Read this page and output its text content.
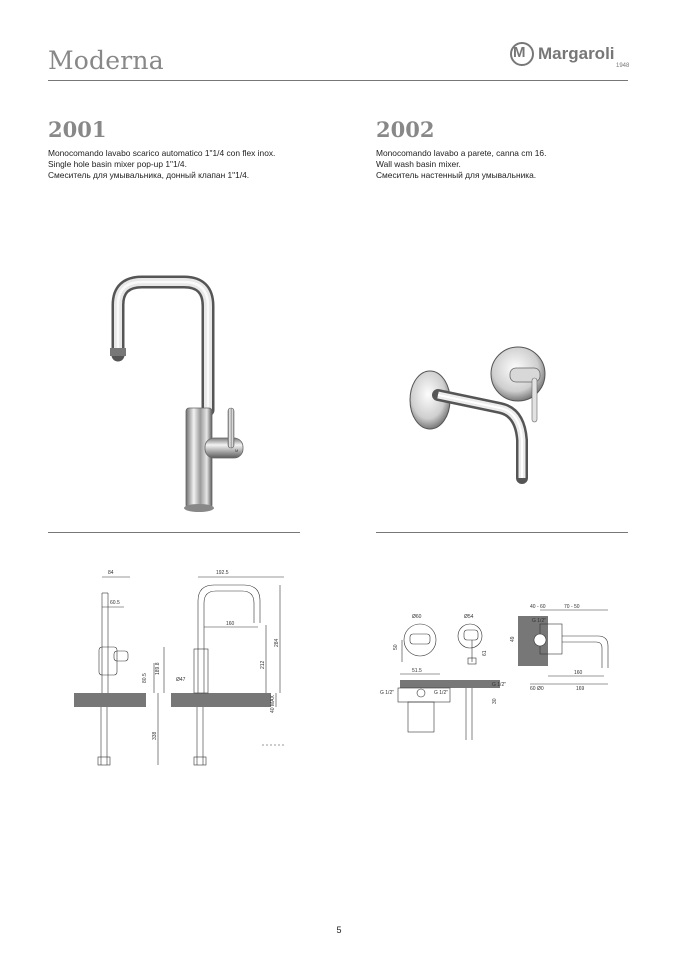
Moderna	M Margaroli
1948
2001
Monocomando lavabo scarico automatico 1"1/4 con flex inox.
Single hole basin mixer pop-up 1"1/4.
Смеситель для умывальника, донный клапан 1"1/4.
2002
Monocomando lavabo a parete, canna cm 16.
Wall wash basin mixer.
Смеситель настенный для умывальника.
M
84
60.5
192.5
160
Ø47
80.5
189.8	212
284
40 MAX
338
Ø60	Ø54
50
61
51.5
G 1/2"	G 1/2"
G 1/2"
30
40 - 60	70 - 50
G 1/2"
49
160
169
60 Ø0
5
